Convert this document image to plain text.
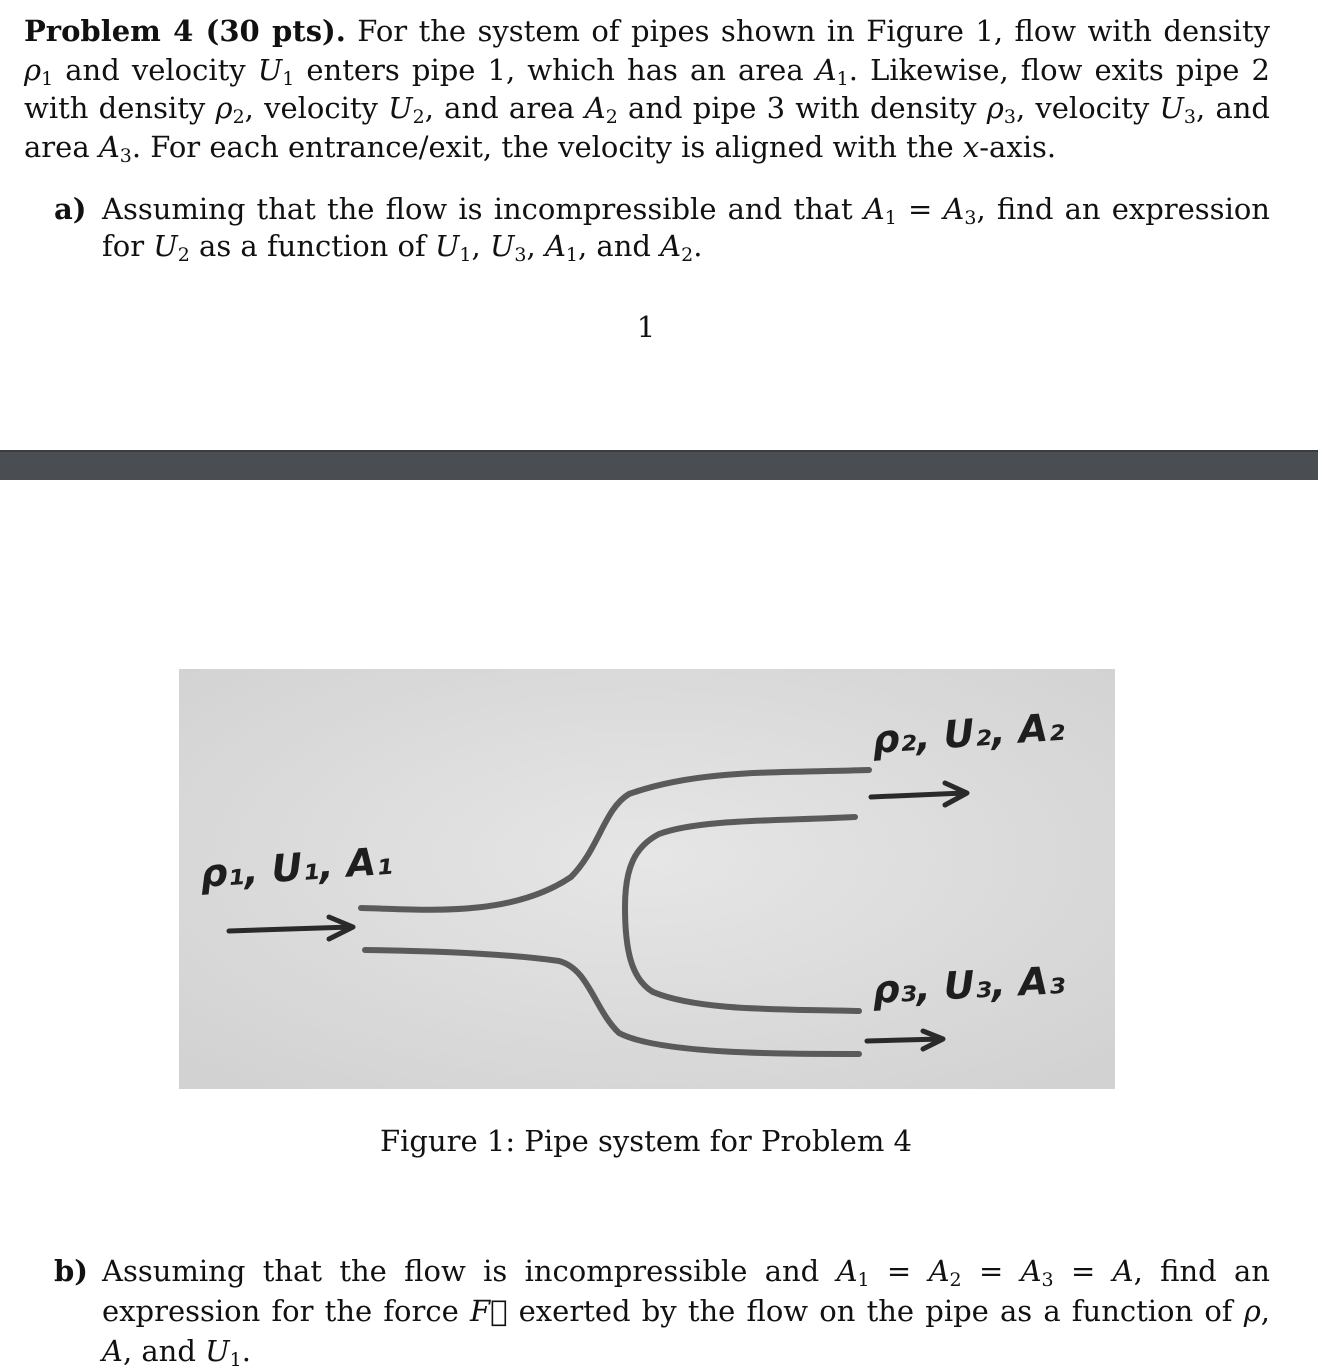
Problem 4 (30 pts). For the system of pipes shown in Figure 1, flow with density $\rho_1$ and velocity $U_1$ enters pipe 1, which has an area $A_1$. Likewise, flow exits pipe 2 with density $\rho_2$, velocity $U_2$, and area $A_2$ and pipe 3 with density $\rho_3$, velocity $U_3$, and area $A_3$. For each entrance/exit, the velocity is aligned with the x-axis.
a) Assuming that the flow is incompressible and that $A_1 = A_3$, find an expression for $U_2$ as a function of $U_1$, $U_3$, $A_1$, and $A_2$.
1
ρ₁, U₁, A₁
ρ₂, U₂, A₂
ρ₃, U₃, A₃
Figure 1: Pipe system for Problem 4
b) Assuming that the flow is incompressible and $A_1 = A_2 = A_3 = A$, find an expression for the force F⃗ exerted by the flow on the pipe as a function of ρ, A, and $U_1$.
